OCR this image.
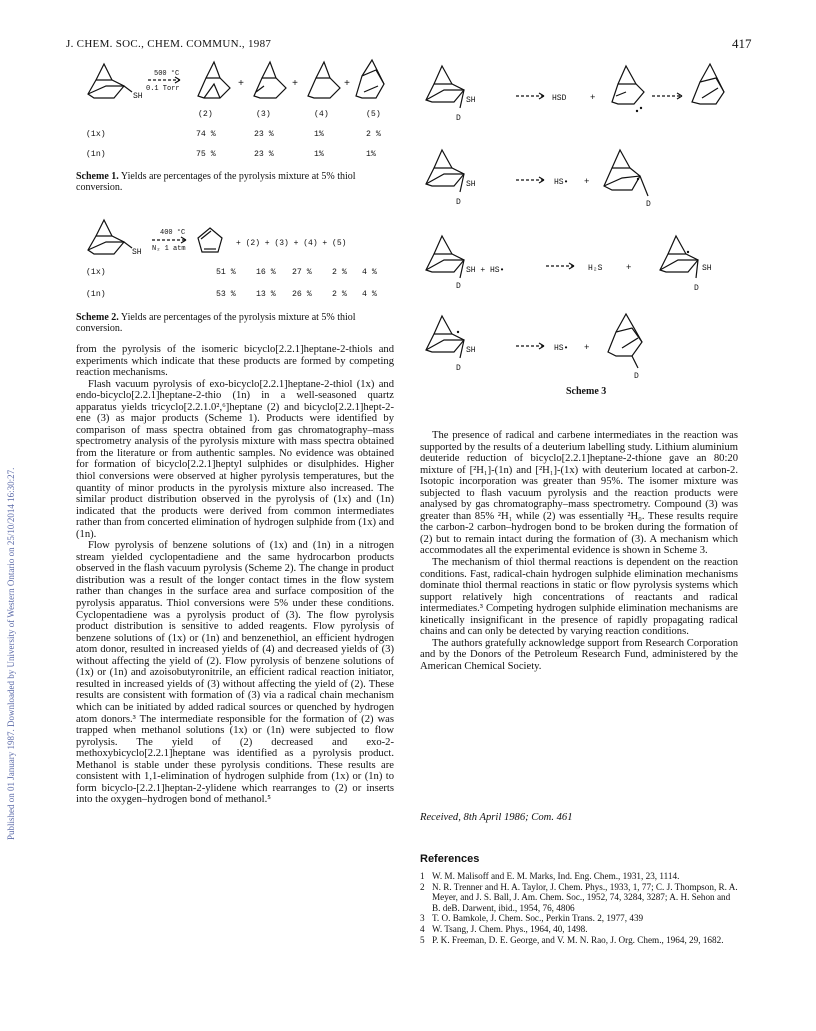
J. CHEM. SOC., CHEM. COMMUN., 1987	417
Published on 01 January 1987. Downloaded by University of Western Ontario on 25/10/2014 16:30:27.
SH
500 °C
0.1 Torr	+	+	+
(2)	(3)	(4)	(5)
(1x)	74 %	23 %	1%	2 %
(1n)	75 %	23 %	1%	1%
Scheme 1. Yields are percentages of the pyrolysis mixture at 5% thiol conversion.
SH
400 °C
N₂ 1 atm
+ (2) + (3) + (4) + (5)
(1x)	51 % 16 % 27 % 2 % 4 %
(1n)	53 % 13 % 26 % 2 % 4 %
Scheme 2. Yields are percentages of the pyrolysis mixture at 5% thiol conversion.

from the pyrolysis of the isomeric bicyclo[2.2.1]heptane-2-thiols and experiments which indicate that these products are formed by competing reaction mechanisms.

Flash vacuum pyrolysis of exo-bicyclo[2.2.1]heptane-2-thiol (1x) and endo-bicyclo[2.2.1]heptane-2-thio (1n) in a well-seasoned quartz apparatus yields tricyclo[2.2.1.0²,⁶]heptane (2) and bicyclo[2.2.1]hept-2-ene (3) as major products (Scheme 1). Products were identified by comparison of mass spectra obtained from gas chromatography–mass spectrometry analysis of the pyrolysis mixture with mass spectra obtained from the literature or from authentic samples. No evidence was obtained for formation of bicyclo[2.2.1]heptyl sulphides or disulphides. Higher thiol conversions were observed at higher pyrolysis temperatures, but the quantity of minor products in the pyrolysis mixture also increased. The similar product distribution observed in the pyrolysis of (1x) and (1n) indicated that the products were derived from common intermediates rather than from concerted elimination of hydrogen sulphide from (1x) and (1n).

Flow pyrolysis of benzene solutions of (1x) and (1n) in a nitrogen stream yielded cyclopentadiene and the same hydrocarbon products observed in the flash vacuum pyrolysis (Scheme 2). The change in product distribution was a result of the longer contact times in the flow system rather than changes in the surface area and surface composition of the pyrolysis apparatus. Thiol conversions were 5% under these conditions. Cyclopentadiene was a pyrolysis product of (3). The flow pyrolysis product distribution is sensitive to added reagents. Flow pyrolysis of benzene solutions of (1x) or (1n) and benzenethiol, an efficient hydrogen atom donor, resulted in increased yields of (4) and decreased yields of (3) without affecting the yield of (2). Flow pyrolysis of benzene solutions of (1x) or (1n) and azoisobutyronitrile, an efficient radical reaction initiator, resulted in increased yields of (3) without affecting the yield of (2). These results are consistent with formation of (3) via a radical chain mechanism which can be initiated by added radical sources or quenched by hydrogen atom donors.³ The intermediate responsible for the formation of (2) was trapped when methanol solutions (1x) or (1n) were subjected to flow pyrolysis. The yield of (2) decreased and exo-2-methoxybicyclo[2.2.1]heptane was identified as a pyrolysis product. Methanol is stable under these pyrolysis conditions. These results are consistent with 1,1-elimination of hydrogen sulphide from (1x) or (1n) to form bicyclo-[2.2.1]heptan-2-ylidene which rearranges to (2) or inserts into the oxygen–hydrogen bond of methanol.⁵

SH
D
HSD	+
SH
D
HS• +
D
SH + HS•
D
H₂S	+	SH
D
SH
D
HS• +
D
Scheme 3

The presence of radical and carbene intermediates in the reaction was supported by the results of a deuterium labelling study. Lithium aluminium deuteride reduction of bicyclo[2.2.1]heptane-2-thione gave an 80:20 mixture of [²H₁]-(1n) and [²H₁]-(1x) with deuterium located at carbon-2. Isotopic incorporation was greater than 95%. The isomer mixture was subjected to flash vacuum pyrolysis and the reaction products were analysed by gas chromatography–mass spectrometry. Compound (3) was greater than 85% ²H₁ while (2) was essentially ²H₀. These results require the carbon-2 carbon–hydrogen bond to be broken during the formation of (2) but to remain intact during the formation of (3). A mechanism which accommodates all the experimental evidence is shown in Scheme 3.

The mechanism of thiol thermal reactions is dependent on the reaction conditions. Fast, radical-chain hydrogen sulphide elimination mechanisms dominate thiol thermal reactions in static or flow pyrolysis systems which support relatively high concentrations of reactants and radical intermediates.³ Competing hydrogen sulphide elimination mechanisms are kinetically insignificant in the presence of rapidly propagating radical chains and can only be detected by varying reaction conditions.

The authors gratefully acknowledge support from Research Corporation and by the Donors of the Petroleum Research Fund, administered by the American Chemical Society.

Received, 8th April 1986; Com. 461
References
1 W. M. Malisoff and E. M. Marks, Ind. Eng. Chem., 1931, 23, 1114.
2 N. R. Trenner and H. A. Taylor, J. Chem. Phys., 1933, 1, 77; C. J. Thompson, R. A. Meyer, and J. S. Ball, J. Am. Chem. Soc., 1952, 74, 3284, 3287; A. H. Sehon and B. deB. Darwent, ibid., 1954, 76, 4806
3 T. O. Bamkole, J. Chem. Soc., Perkin Trans. 2, 1977, 439
4 W. Tsang, J. Chem. Phys., 1964, 40, 1498.
5 P. K. Freeman, D. E. George, and V. M. N. Rao, J. Org. Chem., 1964, 29, 1682.
